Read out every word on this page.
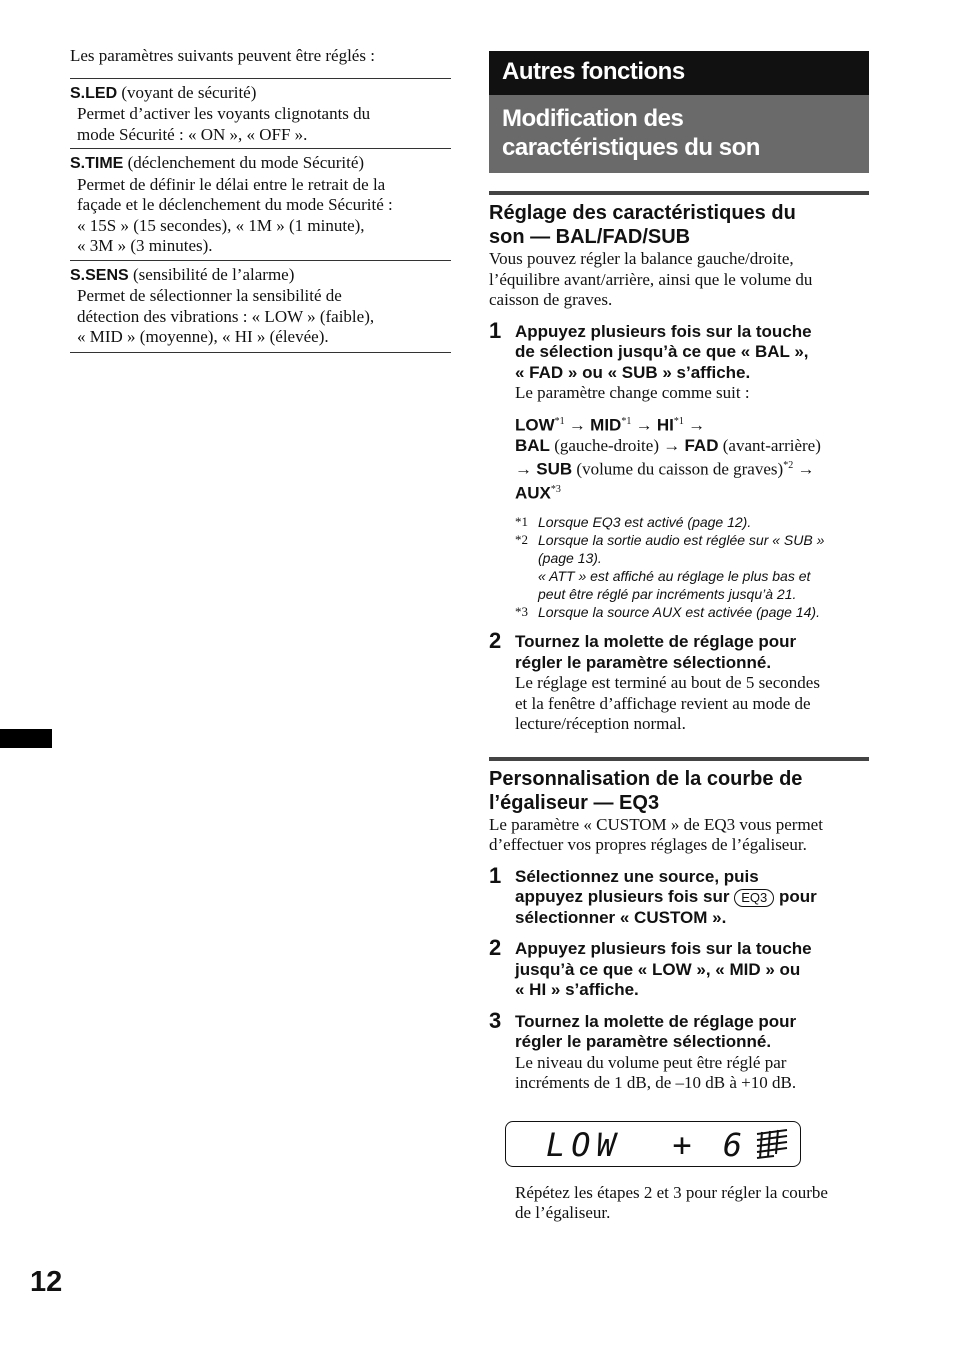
Les paramètres suivants peuvent être réglés :

S.LED (voyant de sécurité)
Permet d’activer les voyants clignotants du
mode Sécurité : « ON », « OFF ».
S.TIME (déclenchement du mode Sécurité)
Permet de définir le délai entre le retrait de la
façade et le déclenchement du mode Sécurité :
« 15S » (15 secondes), « 1M » (1 minute),
« 3M » (3 minutes).
S.SENS (sensibilité de l’alarme)
Permet de sélectionner la sensibilité de
détection des vibrations : « LOW » (faible),
« MID » (moyenne), « HI » (élevée).
12
Autres fonctions
Modification des
caractéristiques du son
Réglage des caractéristiques du
son — BAL/FAD/SUB
Vous pouvez régler la balance gauche/droite,
l’équilibre avant/arrière, ainsi que le volume du
caisson de graves.
1 Appuyez plusieurs fois sur la touche
de sélection jusqu’à ce que « BAL »,
« FAD » ou « SUB » s’affiche.
Le paramètre change comme suit :
$LOW^{*1} \to MID^{*1} \to HI^{*1}$ →
BAL (gauche-droite) → FAD (avant-arrière)
→ SUB (volume du caisson de graves)$^{*2}$ →
$AUX^{*3}$
*1 Lorsque EQ3 est activé (page 12).
*2 Lorsque la sortie audio est réglée sur « SUB »
(page 13).
« ATT » est affiché au réglage le plus bas et
peut être réglé par incréments jusqu’à 21.
*3 Lorsque la source AUX est activée (page 14).
2 Tournez la molette de réglage pour
régler le paramètre sélectionné.
Le réglage est terminé au bout de 5 secondes
et la fenêtre d’affichage revient au mode de
lecture/réception normal.
Personnalisation de la courbe de
l’égaliseur — EQ3
Le paramètre « CUSTOM » de EQ3 vous permet
d’effectuer vos propres réglages de l’égaliseur.
1 Sélectionnez une source, puis
appuyez plusieurs fois sur EQ3 pour
sélectionner « CUSTOM ».
2 Appuyez plusieurs fois sur la touche
jusqu’à ce que « LOW », « MID » ou
« HI » s’affiche.
3 Tournez la molette de réglage pour
régler le paramètre sélectionné.
Le niveau du volume peut être réglé par
incréments de 1 dB, de –10 dB à +10 dB.
LOW  + 6
Répétez les étapes 2 et 3 pour régler la courbe
de l’égaliseur.
